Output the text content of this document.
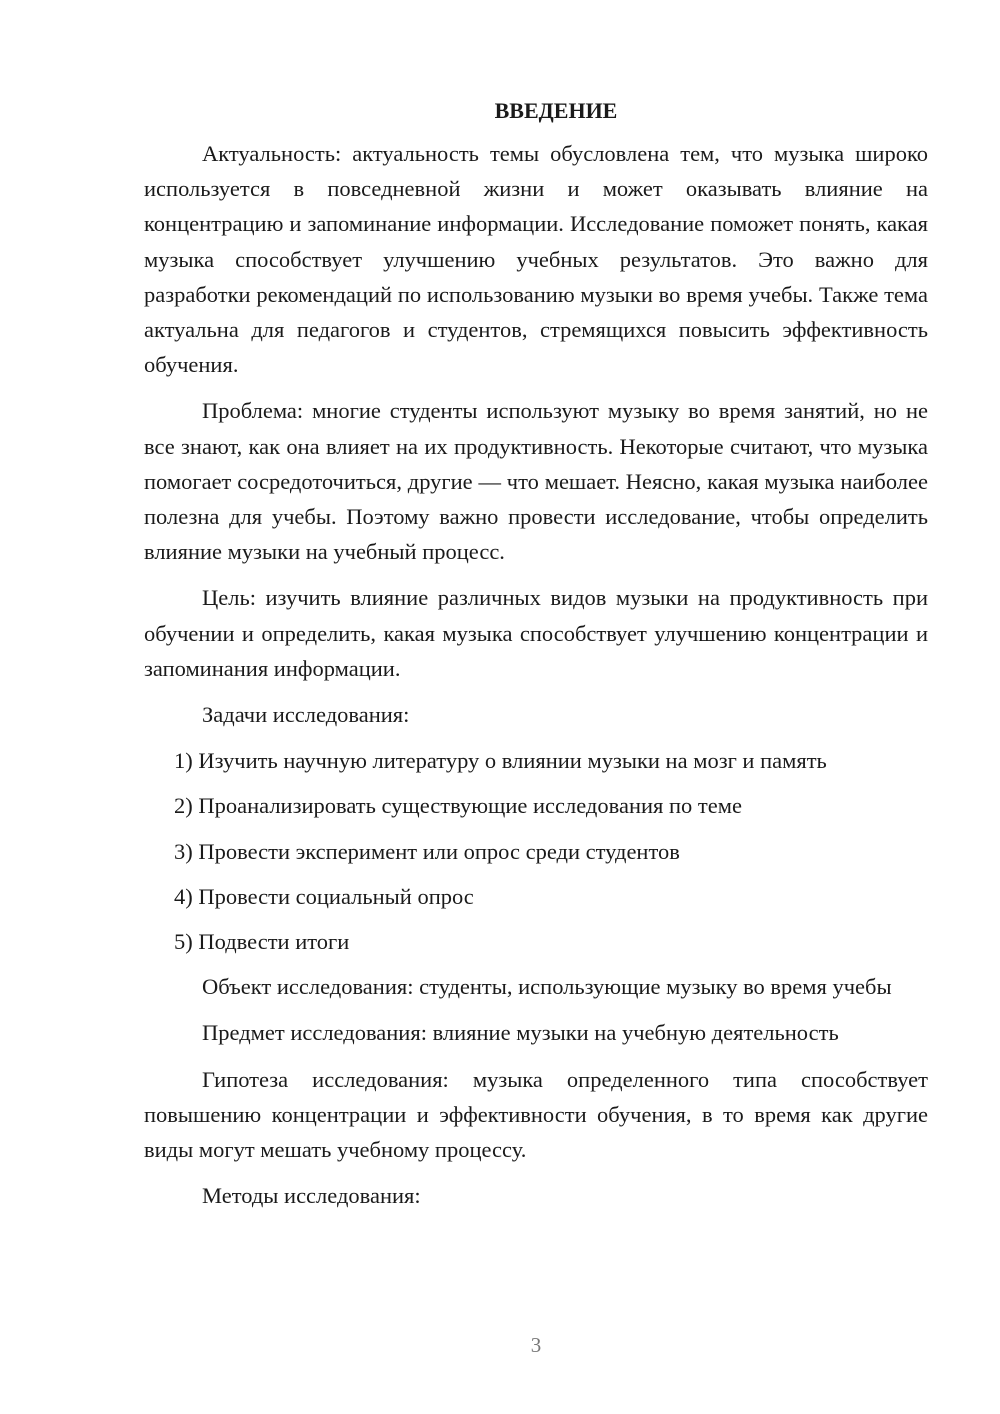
ВВЕДЕНИЕ

Актуальность: актуальность темы обусловлена тем, что музыка широко используется в повседневной жизни и может оказывать влияние на концентрацию и запоминание информации. Исследование поможет понять, какая музыка способствует улучшению учебных результатов. Это важно для разработки рекомендаций по использованию музыки во время учебы. Также тема актуальна для педагогов и студентов, стремящихся повысить эффективность обучения.

Проблема: многие студенты используют музыку во время занятий, но не все знают, как она влияет на их продуктивность. Некоторые считают, что музыка помогает сосредоточиться, другие — что мешает. Неясно, какая музыка наиболее полезна для учебы. Поэтому важно провести исследование, чтобы определить влияние музыки на учебный процесс.

Цель: изучить влияние различных видов музыки на продуктивность при обучении и определить, какая музыка способствует улучшению концентрации и запоминания информации.

Задачи исследования:

1) Изучить научную литературу о влиянии музыки на мозг и память
2) Проанализировать существующие исследования по теме
3) Провести эксперимент или опрос среди студентов
4) Провести социальный опрос
5) Подвести итоги

Объект исследования: студенты, использующие музыку во время учебы

Предмет исследования: влияние музыки на учебную деятельность

Гипотеза исследования: музыка определенного типа способствует повышению концентрации и эффективности обучения, в то время как другие виды могут мешать учебному процессу.

Методы исследования:

3
